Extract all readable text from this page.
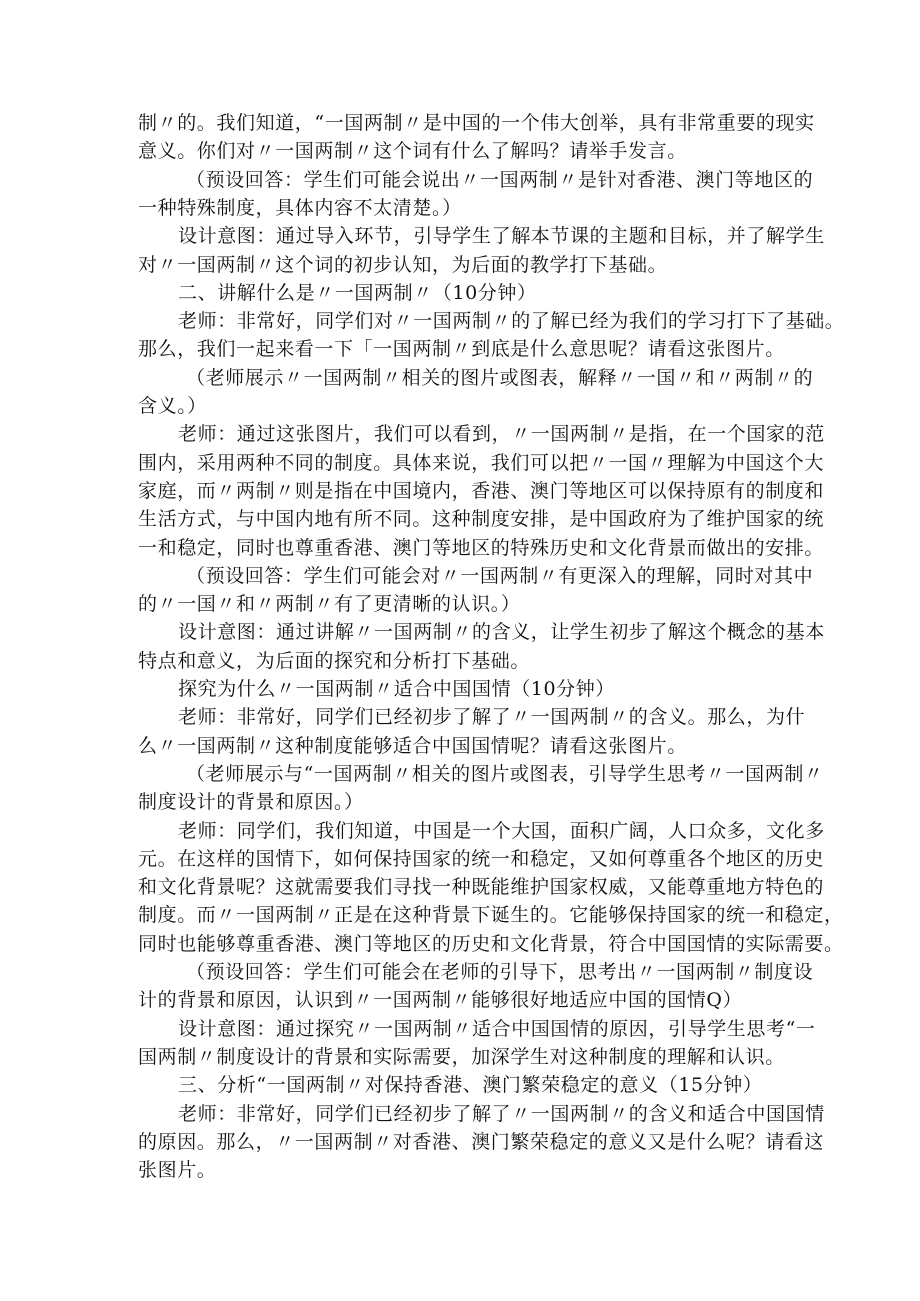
制〃的。我们知道，“一国两制〃是中国的一个伟大创举，具有非常重要的现实
意义。你们对〃一国两制〃这个词有什么了解吗？请举手发言。
（预设回答：学生们可能会说出〃一国两制〃是针对香港、澳门等地区的
一种特殊制度，具体内容不太清楚。）
设计意图：通过导入环节，引导学生了解本节课的主题和目标，并了解学生
对〃一国两制〃这个词的初步认知，为后面的教学打下基础。
二、讲解什么是〃一国两制〃（10分钟）
老师：非常好，同学们对〃一国两制〃的了解已经为我们的学习打下了基础。
那么，我们一起来看一下「一国两制〃到底是什么意思呢？请看这张图片。
（老师展示〃一国两制〃相关的图片或图表，解释〃一国〃和〃两制〃的
含义。）
老师：通过这张图片，我们可以看到，〃一国两制〃是指，在一个国家的范
围内，采用两种不同的制度。具体来说，我们可以把〃一国〃理解为中国这个大
家庭，而〃两制〃则是指在中国境内，香港、澳门等地区可以保持原有的制度和
生活方式，与中国内地有所不同。这种制度安排，是中国政府为了维护国家的统
一和稳定，同时也尊重香港、澳门等地区的特殊历史和文化背景而做出的安排。
（预设回答：学生们可能会对〃一国两制〃有更深入的理解，同时对其中
的〃一国〃和〃两制〃有了更清晰的认识。）
设计意图：通过讲解〃一国两制〃的含义，让学生初步了解这个概念的基本
特点和意义，为后面的探究和分析打下基础。
探究为什么〃一国两制〃适合中国国情（10分钟）
老师：非常好，同学们已经初步了解了〃一国两制〃的含义。那么，为什
么〃一国两制〃这种制度能够适合中国国情呢？请看这张图片。
（老师展示与“一国两制〃相关的图片或图表，引导学生思考〃一国两制〃
制度设计的背景和原因。）
老师：同学们，我们知道，中国是一个大国，面积广阔，人口众多，文化多
元。在这样的国情下，如何保持国家的统一和稳定，又如何尊重各个地区的历史
和文化背景呢？这就需要我们寻找一种既能维护国家权威，又能尊重地方特色的
制度。而〃一国两制〃正是在这种背景下诞生的。它能够保持国家的统一和稳定，
同时也能够尊重香港、澳门等地区的历史和文化背景，符合中国国情的实际需要。
（预设回答：学生们可能会在老师的引导下，思考出〃一国两制〃制度设
计的背景和原因，认识到〃一国两制〃能够很好地适应中国的国情Q）
设计意图：通过探究〃一国两制〃适合中国国情的原因，引导学生思考“一
国两制〃制度设计的背景和实际需要，加深学生对这种制度的理解和认识。
三、分析“一国两制〃对保持香港、澳门繁荣稳定的意义（15分钟）
老师：非常好，同学们已经初步了解了〃一国两制〃的含义和适合中国国情
的原因。那么，〃一国两制〃对香港、澳门繁荣稳定的意义又是什么呢？请看这
张图片。
